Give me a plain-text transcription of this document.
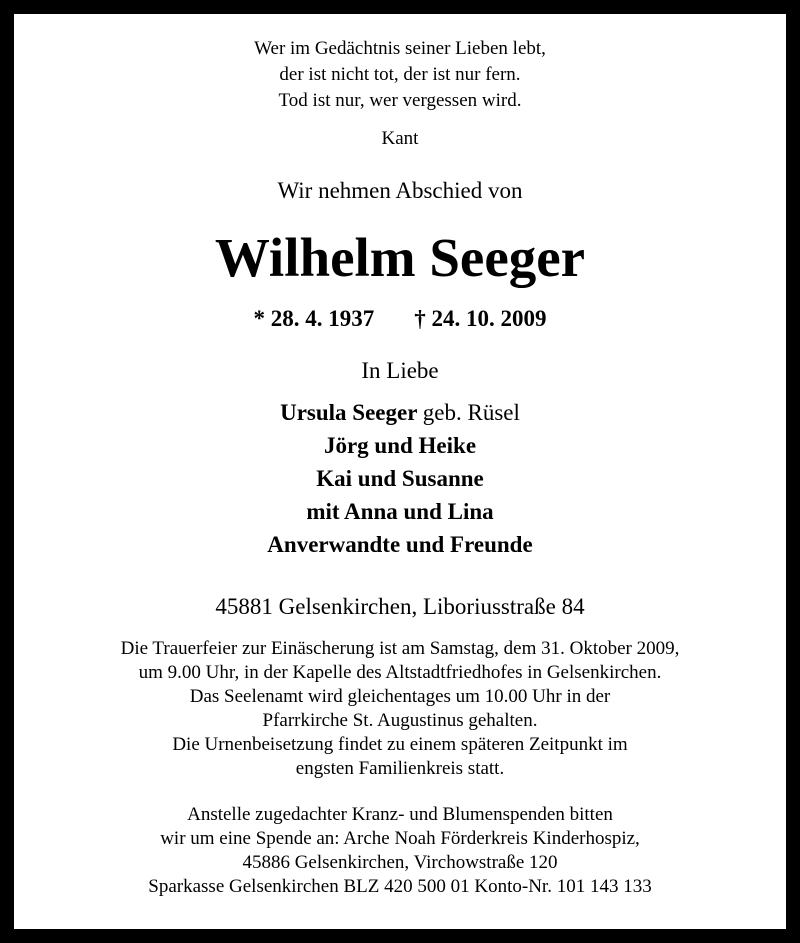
Wer im Gedächtnis seiner Lieben lebt,
der ist nicht tot, der ist nur fern.
Tod ist nur, wer vergessen wird.
Kant
Wir nehmen Abschied von
Wilhelm Seeger
* 28. 4. 1937 † 24. 10. 2009
In Liebe
Ursula Seeger geb. Rüsel
Jörg und Heike
Kai und Susanne
mit Anna und Lina
Anverwandte und Freunde
45881 Gelsenkirchen, Liboriusstraße 84
Die Trauerfeier zur Einäscherung ist am Samstag, dem 31. Oktober 2009,
um 9.00 Uhr, in der Kapelle des Altstadtfriedhofes in Gelsenkirchen.
Das Seelenamt wird gleichentages um 10.00 Uhr in der
Pfarrkirche St. Augustinus gehalten.
Die Urnenbeisetzung findet zu einem späteren Zeitpunkt im
engsten Familienkreis statt.
Anstelle zugedachter Kranz- und Blumenspenden bitten
wir um eine Spende an: Arche Noah Förderkreis Kinderhospiz,
45886 Gelsenkirchen, Virchowstraße 120
Sparkasse Gelsenkirchen BLZ 420 500 01 Konto-Nr. 101 143 133
